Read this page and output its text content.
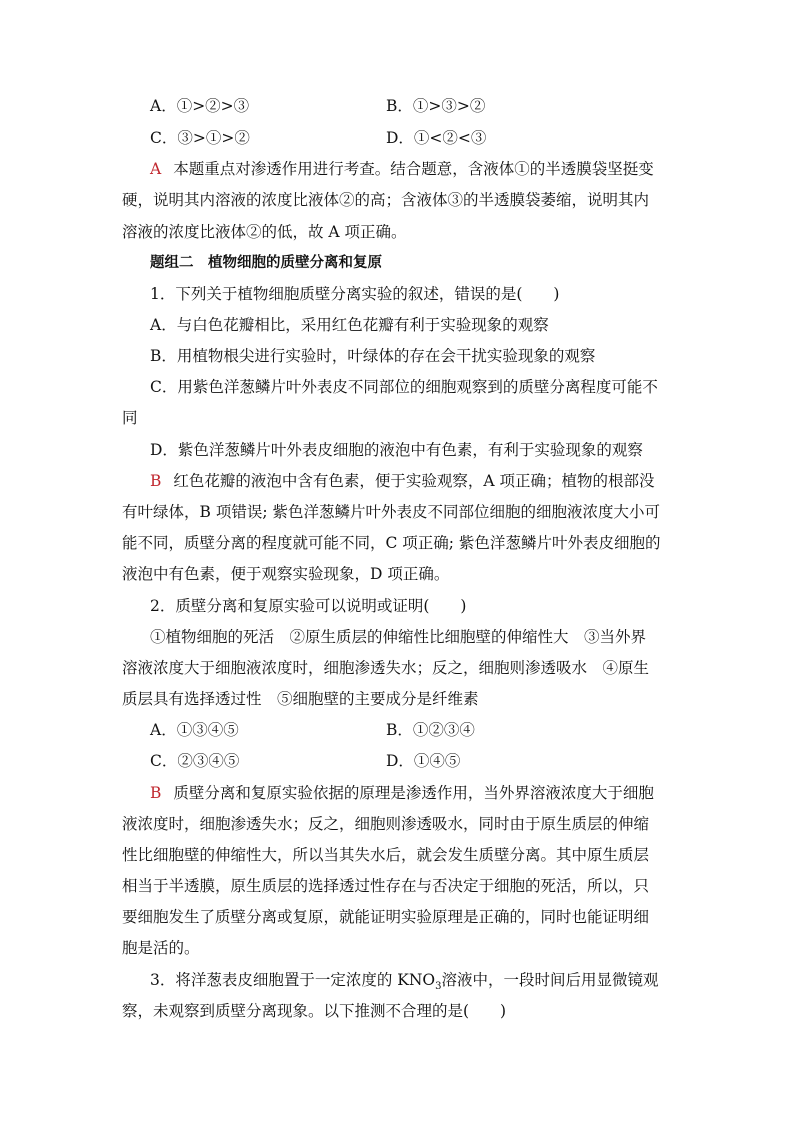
A．①>②>③	B．①>③>②
C．③>①>②	D．①<②<③
A 本题重点对渗透作用进行考查。结合题意，含液体①的半透膜袋坚挺变
硬，说明其内溶液的浓度比液体②的高；含液体③的半透膜袋萎缩，说明其内
溶液的浓度比液体②的低，故 A 项正确。
题组二　植物细胞的质壁分离和复原
1．下列关于植物细胞质壁分离实验的叙述，错误的是(　　)
A．与白色花瓣相比，采用红色花瓣有利于实验现象的观察
B．用植物根尖进行实验时，叶绿体的存在会干扰实验现象的观察
C．用紫色洋葱鳞片叶外表皮不同部位的细胞观察到的质壁分离程度可能不
同
D．紫色洋葱鳞片叶外表皮细胞的液泡中有色素，有利于实验现象的观察
B 红色花瓣的液泡中含有色素，便于实验观察，A 项正确；植物的根部没
有叶绿体，B 项错误; 紫色洋葱鳞片叶外表皮不同部位细胞的细胞液浓度大小可
能不同，质壁分离的程度就可能不同，C 项正确; 紫色洋葱鳞片叶外表皮细胞的
液泡中有色素，便于观察实验现象，D 项正确。
2．质壁分离和复原实验可以说明或证明(　　)
①植物细胞的死活　②原生质层的伸缩性比细胞壁的伸缩性大　③当外界
溶液浓度大于细胞液浓度时，细胞渗透失水；反之，细胞则渗透吸水　④原生
质层具有选择透过性　⑤细胞壁的主要成分是纤维素
A．①③④⑤	B．①②③④
C．②③④⑤	D．①④⑤
B 质壁分离和复原实验依据的原理是渗透作用，当外界溶液浓度大于细胞
液浓度时，细胞渗透失水；反之，细胞则渗透吸水，同时由于原生质层的伸缩
性比细胞壁的伸缩性大，所以当其失水后，就会发生质壁分离。其中原生质层
相当于半透膜，原生质层的选择透过性存在与否决定于细胞的死活，所以，只
要细胞发生了质壁分离或复原，就能证明实验原理是正确的，同时也能证明细
胞是活的。
3．将洋葱表皮细胞置于一定浓度的 $KNO_3$溶液中，一段时间后用显微镜观
察，未观察到质壁分离现象。以下推测不合理的是(　　)
